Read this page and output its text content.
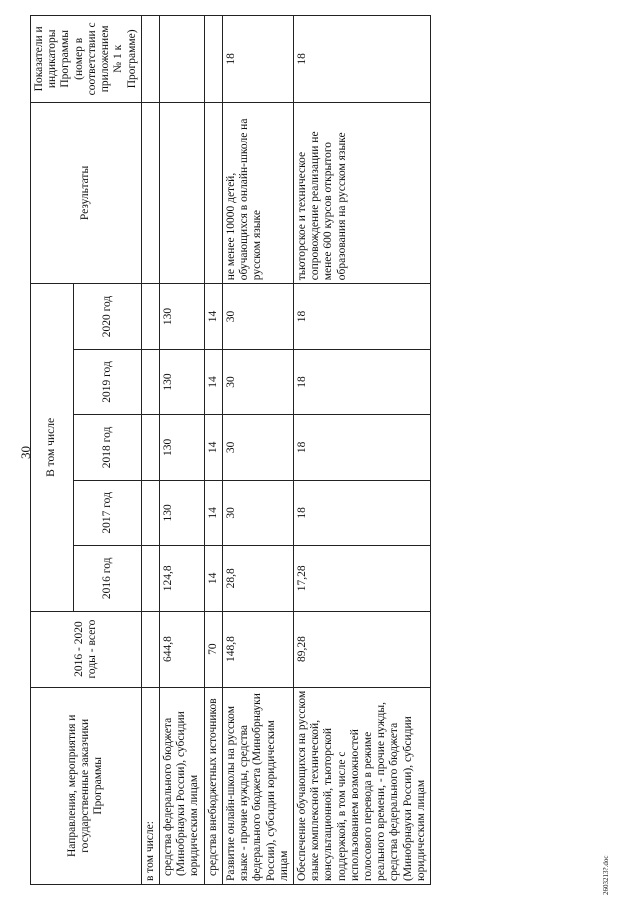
30
Направления, мероприятия и государственные заказчики Программы	2016 - 2020 годы - всего	В том числе					Результаты	Показатели и индикаторы Программы (номер в соответствии с приложением № 1 к Программе)
		2016 год	2017 год	2018 год	2019 год	2020 год		
в том числе:								
средства федерального бюджета (Минобрнауки России), субсидии юридическим лицам	644,8	124,8	130	130	130	130		
средства внебюджетных источников	70	14	14	14	14	14		
Развитие онлайн-школы на русском языке - прочие нужды, средства федерального бюджета (Минобрнауки России), субсидии юридическим лицам	148,8	28,8	30	30	30	30	не менее 10000 детей, обучающихся в онлайн-школе на русском языке	18
Обеспечение обучающихся на русском языке комплексной технической, консультационной, тьюторской поддержкой, в том числе с использованием возможностей голосового перевода в режиме реального времени, - прочие нужды, средства федерального бюджета (Минобрнауки России), субсидии юридическим лицам	89,28	17,28	18	18	18	18	тьюторское и техническое сопровождение реализации не менее 600 курсов открытого образования на русском языке	18
2603213?.doc
